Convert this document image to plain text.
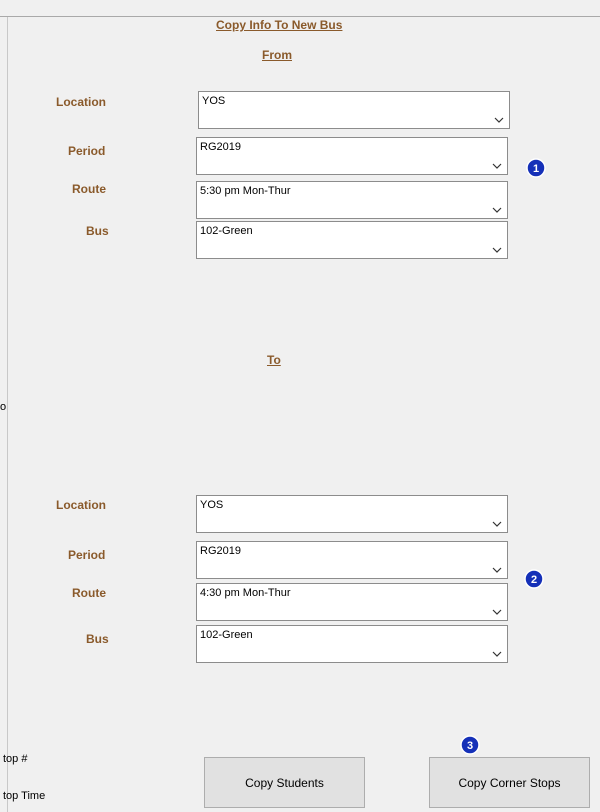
Copy Info To New Bus
From
To
Location	YOS
Period	RG2019
Route	5:30 pm Mon-Thur
Bus	102-Green
1
Location	YOS
Period	RG2019
Route	4:30 pm Mon-Thur
Bus	102-Green
2
3
o
top #
top Time
Copy Students	Copy Corner Stops
